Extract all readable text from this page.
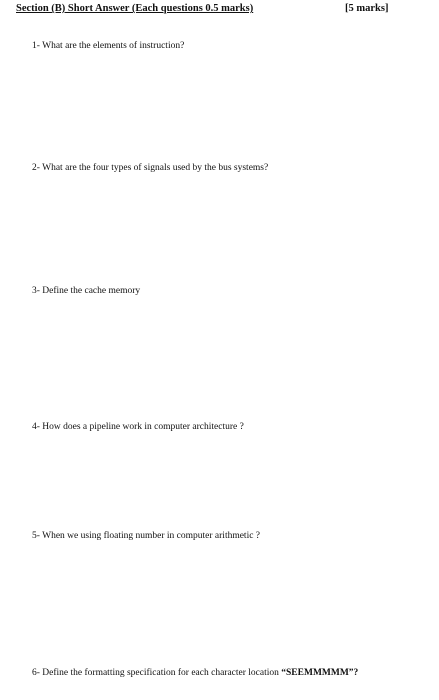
Section (B) Short Answer (Each questions 0.5 marks)	[5 marks]
1- What are the elements of instruction?
2- What are the four types of signals used by the bus systems?
3- Define the cache memory
4- How does a pipeline work in computer architecture ?
5- When we using floating number in computer arithmetic ?
6- Define the formatting specification for each character location “SEEMMMMM”?
